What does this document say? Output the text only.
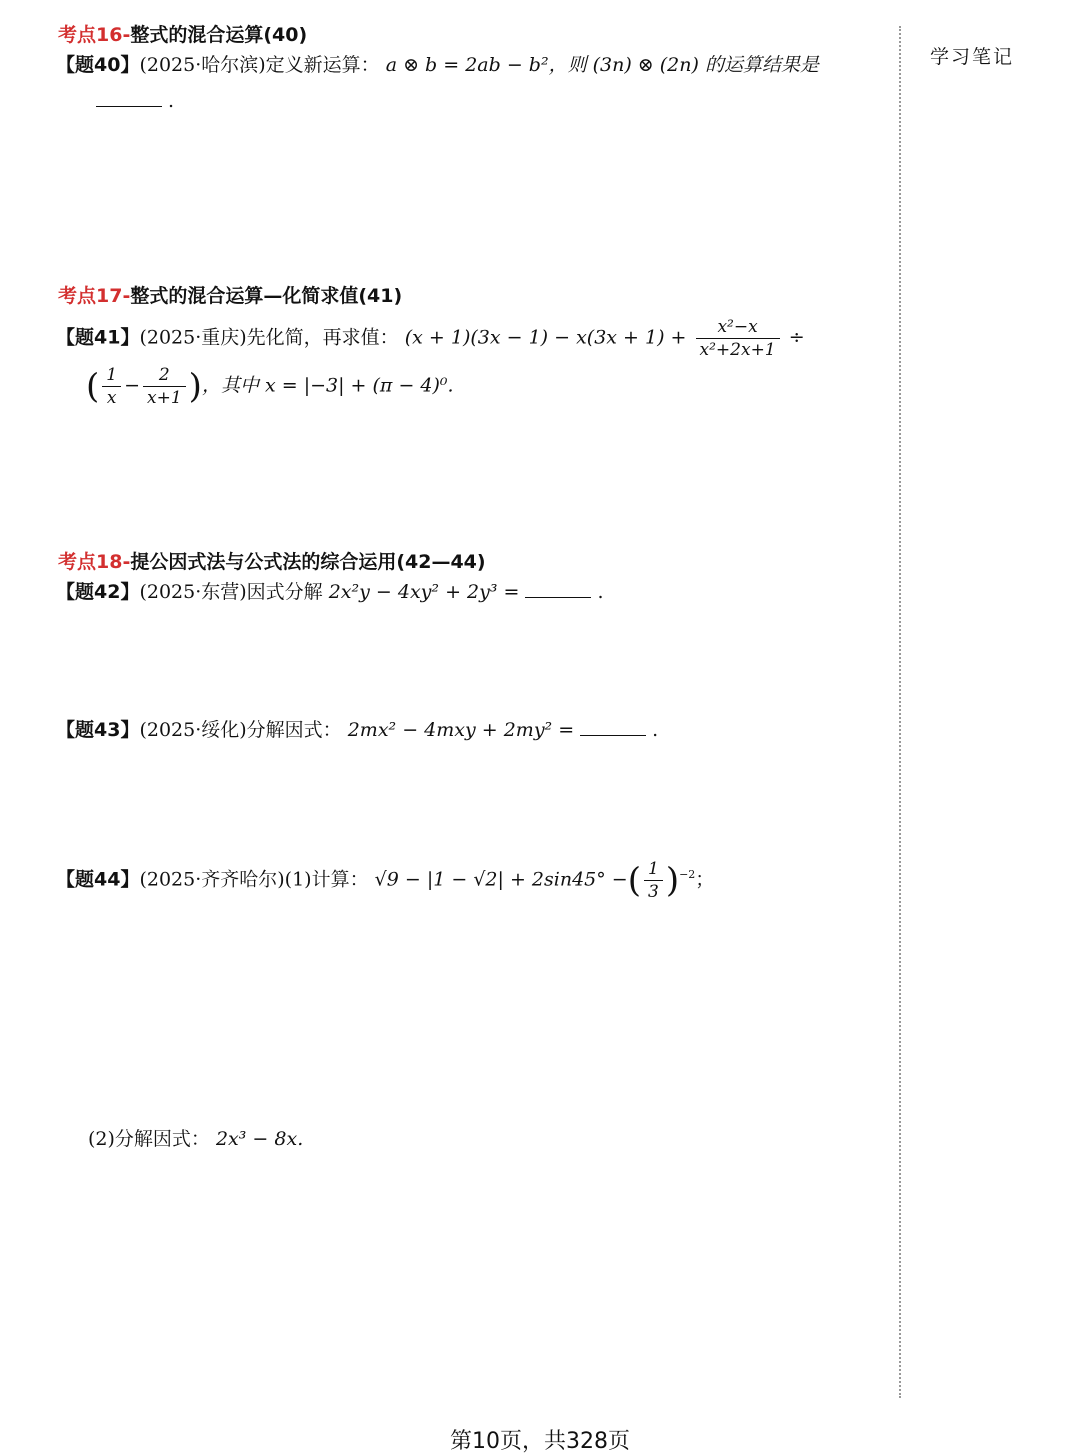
考点16-整式的混合运算(40)
【题40】(2025·哈尔滨)定义新运算： a ⊗ b = 2ab − b²，则 (3n) ⊗ (2n) 的运算结果是
.
考点17-整式的混合运算—化简求值(41)
【题41】(2025·重庆)先化简，再求值： $(x + 1)(3x - 1) - x(3x + 1) + \frac{\text{x²−x}}{\text{x²+2x+1}}$ ÷
( $\frac{1}{x} - \frac{2}{x+1}$ )，其中 x = |−3| + (π − 4)⁰.
考点18-提公因式法与公式法的综合运用(42—44)
【题42】(2025·东营)因式分解 2x²y − 4xy² + 2y³ =	.
【题43】(2025·绥化)分解因式： 2mx² − 4mxy + 2my² =	.
【题44】(2025·齐齐哈尔)(1)计算： √9 − |1 − √2| + 2sin45° −( $\frac{1}{3} )^{-2}$；
(2)分解因式： 2x³ − 8x.
学习笔记
第10页，共328页
